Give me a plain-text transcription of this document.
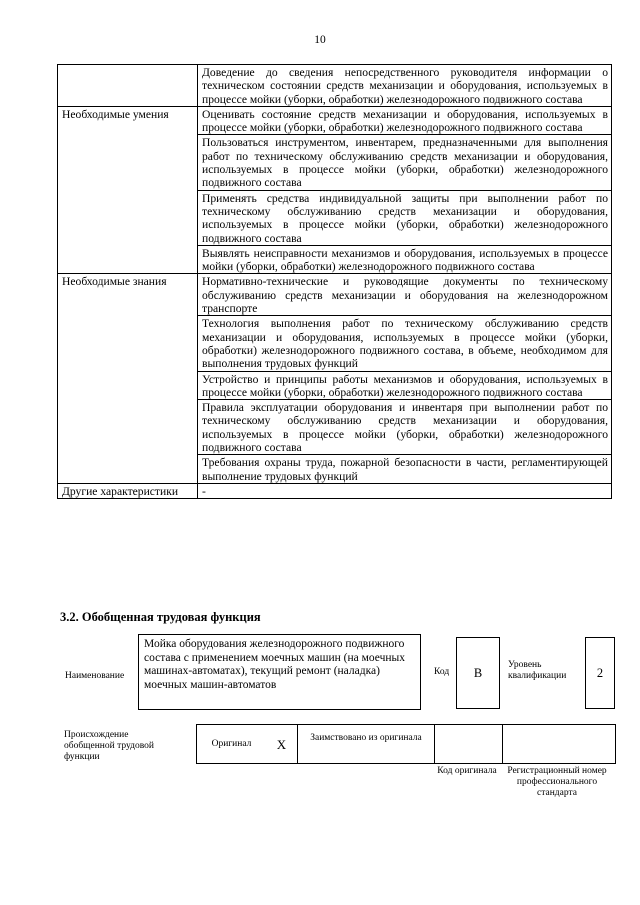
10
	Доведение до сведения непосредственного руководителя информации о техническом состоянии средств механизации и оборудования, используемых в процессе мойки (уборки, обработки) железнодорожного подвижного состава
Необходимые умения	Оценивать состояние средств механизации и оборудования, используемых в процессе мойки (уборки, обработки) железнодорожного подвижного состава
	Пользоваться инструментом, инвентарем, предназначенными для выполнения работ по техническому обслуживанию средств механизации и оборудования, используемых в процессе мойки (уборки, обработки) железнодорожного подвижного состава
	Применять средства индивидуальной защиты при выполнении работ по техническому обслуживанию средств механизации и оборудования, используемых в процессе мойки (уборки, обработки) железнодорожного подвижного состава
	Выявлять неисправности механизмов и оборудования, используемых в процессе мойки (уборки, обработки) железнодорожного подвижного состава
Необходимые знания	Нормативно-технические и руководящие документы по техническому обслуживанию средств механизации и оборудования на железнодорожном транспорте
	Технология выполнения работ по техническому обслуживанию средств механизации и оборудования, используемых в процессе мойки (уборки, обработки) железнодорожного подвижного состава, в объеме, необходимом для выполнения трудовых функций
	Устройство и принципы работы механизмов и оборудования, используемых в процессе мойки (уборки, обработки) железнодорожного подвижного состава
	Правила эксплуатации оборудования и инвентаря при выполнении работ по техническому обслуживанию средств механизации и оборудования, используемых в процессе мойки (уборки, обработки) железнодорожного подвижного состава
	Требования охраны труда, пожарной безопасности в части, регламентирующей выполнение трудовых функций
Другие характеристики	-
3.2. Обобщенная трудовая функция
Наименование
Мойка оборудования железнодорожного подвижного состава с применением моечных машин (на моечных машинах-автоматах), текущий ремонт (наладка) моечных машин-автоматов
Код	B
Уровень квалификации	2
Происхождение обобщенной трудовой функции
Оригинал	X	Заимствовано из оригинала
Код оригинала	Регистрационный номер профессионального стандарта
